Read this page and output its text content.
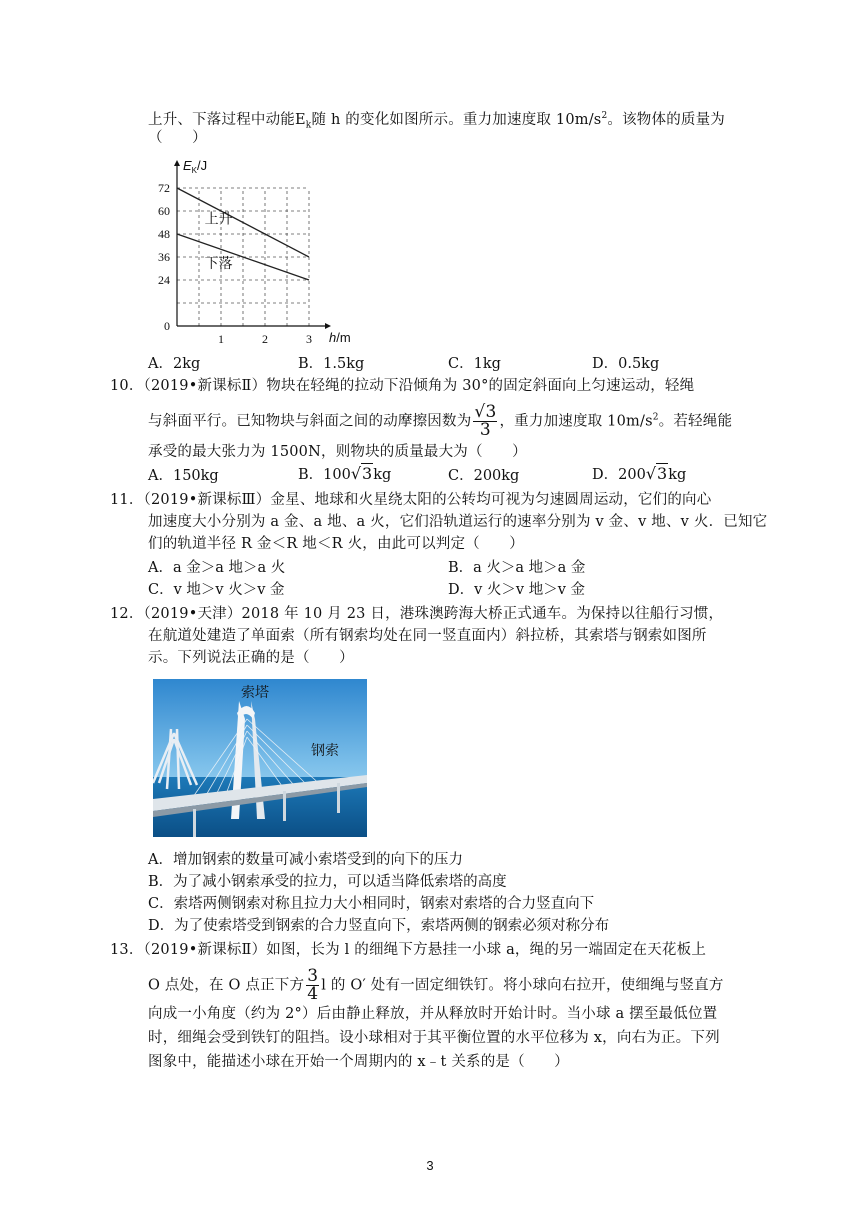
上升、下落过程中动能$E_k$随 h 的变化如图所示。重力加速度取 $10m/s^2$。该物体的质量为
（　　）
$E_K/J$
h/m
0
24
36
48
60
72
1	2	3
上升
下落
A．2kg	B．1.5kg	C．1kg	D．0.5kg
10．（2019•新课标Ⅱ）物块在轻绳的拉动下沿倾角为 30°的固定斜面向上匀速运动，轻绳
与斜面平行。已知物块与斜面之间的动摩擦因数为 $\frac{√3}{3}$ ，重力加速度取 $10m/s^2$。若轻绳能
承受的最大张力为 1500N，则物块的质量最大为（　　）
A．150kg	B．100√3kg	C．200kg	D．200√3kg
11．（2019•新课标Ⅲ）金星、地球和火星绕太阳的公转均可视为匀速圆周运动，它们的向心
加速度大小分别为 a 金、a 地、a 火，它们沿轨道运行的速率分别为 v 金、v 地、v 火．已知它
们的轨道半径 R 金＜R 地＜R 火，由此可以判定（　　）
A．a 金＞a 地＞a 火	B．a 火＞a 地＞a 金
C．v 地＞v 火＞v 金	D．v 火＞v 地＞v 金
12．（2019•天津）2018 年 10 月 23 日，港珠澳跨海大桥正式通车。为保持以往船行习惯，
在航道处建造了单面索（所有钢索均处在同一竖直面内）斜拉桥，其索塔与钢索如图所
示。下列说法正确的是（　　）
索塔
钢索
A．增加钢索的数量可减小索塔受到的向下的压力
B．为了减小钢索承受的拉力，可以适当降低索塔的高度
C．索塔两侧钢索对称且拉力大小相同时，钢索对索塔的合力竖直向下
D．为了使索塔受到钢索的合力竖直向下，索塔两侧的钢索必须对称分布
13．（2019•新课标Ⅱ）如图，长为 l 的细绳下方悬挂一小球 a，绳的另一端固定在天花板上
O 点处，在 O 点正下方 $\frac{3}{4}$ l 的 O′ 处有一固定细铁钉。将小球向右拉开，使细绳与竖直方
向成一小角度（约为 2°）后由静止释放，并从释放时开始计时。当小球 a 摆至最低位置
时，细绳会受到铁钉的阻挡。设小球相对于其平衡位置的水平位移为 x，向右为正。下列
图象中，能描述小球在开始一个周期内的 x﹣t 关系的是（　　）
3
